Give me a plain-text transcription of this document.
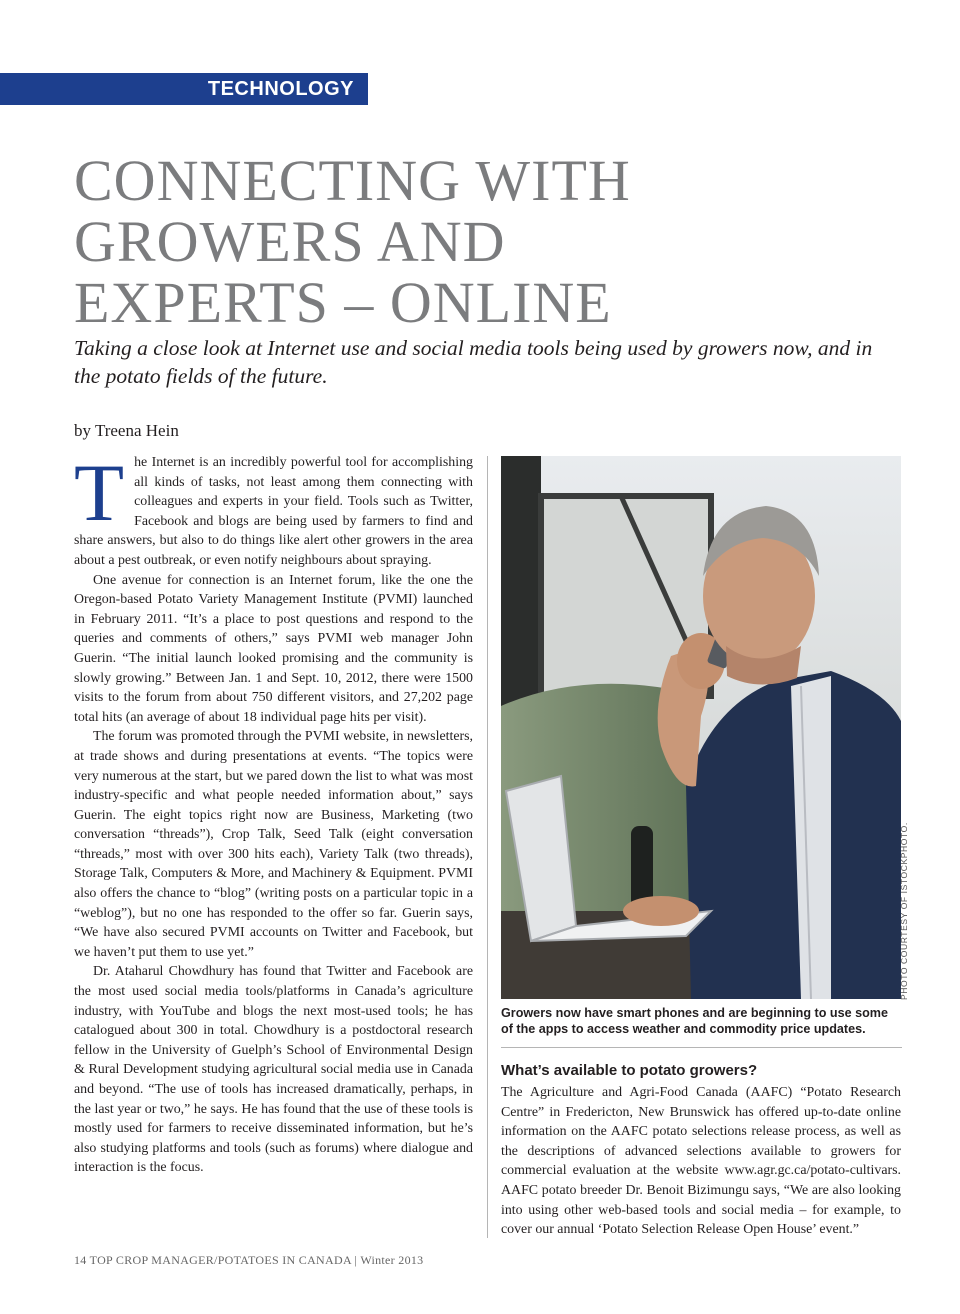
TECHNOLOGY
CONNECTING WITH
GROWERS AND
EXPERTS – ONLINE

Taking a close look at Internet use and social media tools being used by growers now, and in the potato fields of the future.

by Treena Hein

The Internet is an incredibly powerful tool for accomplishing all kinds of tasks, not least among them connecting with colleagues and experts in your field. Tools such as Twitter, Facebook and blogs are being used by farmers to find and share answers, but also to do things like alert other growers in the area about a pest outbreak, or even notify neighbours about spraying.

One avenue for connection is an Internet forum, like the one the Oregon-based Potato Variety Management Institute (PVMI) launched in February 2011. “It’s a place to post questions and respond to the queries and comments of others,” says PVMI web manager John Guerin. “The initial launch looked promising and the community is slowly growing.” Between Jan. 1 and Sept. 10, 2012, there were 1500 visits to the forum from about 750 different visitors, and 27,202 page total hits (an average of about 18 individual page hits per visit).

The forum was promoted through the PVMI website, in newsletters, at trade shows and during presentations at events. “The topics were very numerous at the start, but we pared down the list to what was most industry-specific and what people needed information about,” says Guerin. The eight topics right now are Business, Marketing (two conversation “threads”), Crop Talk, Seed Talk (eight conversation “threads,” most with over 300 hits each), Variety Talk (two threads), Storage Talk, Computers & More, and Machinery & Equipment. PVMI also offers the chance to “blog” (writing posts on a particular topic in a “weblog”), but no one has responded to the offer so far. Guerin says, “We have also secured PVMI accounts on Twitter and Facebook, but we haven’t put them to use yet.”

Dr. Ataharul Chowdhury has found that Twitter and Facebook are the most used social media tools/platforms in Canada’s agriculture industry, with YouTube and blogs the next most-used tools; he has catalogued about 300 in total. Chowdhury is a postdoctoral research fellow in the University of Guelph’s School of Environmental Design & Rural Development studying agricultural social media use in Canada and beyond. “The use of tools has increased dramatically, perhaps, in the last year or two,” he says. He has found that the use of these tools is mostly used for farmers to receive disseminated information, but he’s also studying platforms and tools (such as forums) where dialogue and interaction is the focus.

PHOTO COURTESY OF ISTOCKPHOTO.
Growers now have smart phones and are beginning to use some of the apps to access weather and commodity price updates.
What’s available to potato growers?

The Agriculture and Agri-Food Canada (AAFC) “Potato Research Centre” in Fredericton, New Brunswick has offered up-to-date online information on the AAFC potato selections release process, as well as the descriptions of advanced selections available to growers for commercial evaluation at the website www.agr.gc.ca/potato-cultivars. AAFC potato breeder Dr. Benoit Bizimungu says, “We are also looking into using other web-based tools and social media – for example, to cover our annual ‘Potato Selection Release Open House’ event.”

14 TOP CROP MANAGER/POTATOES IN CANADA | Winter 2013
